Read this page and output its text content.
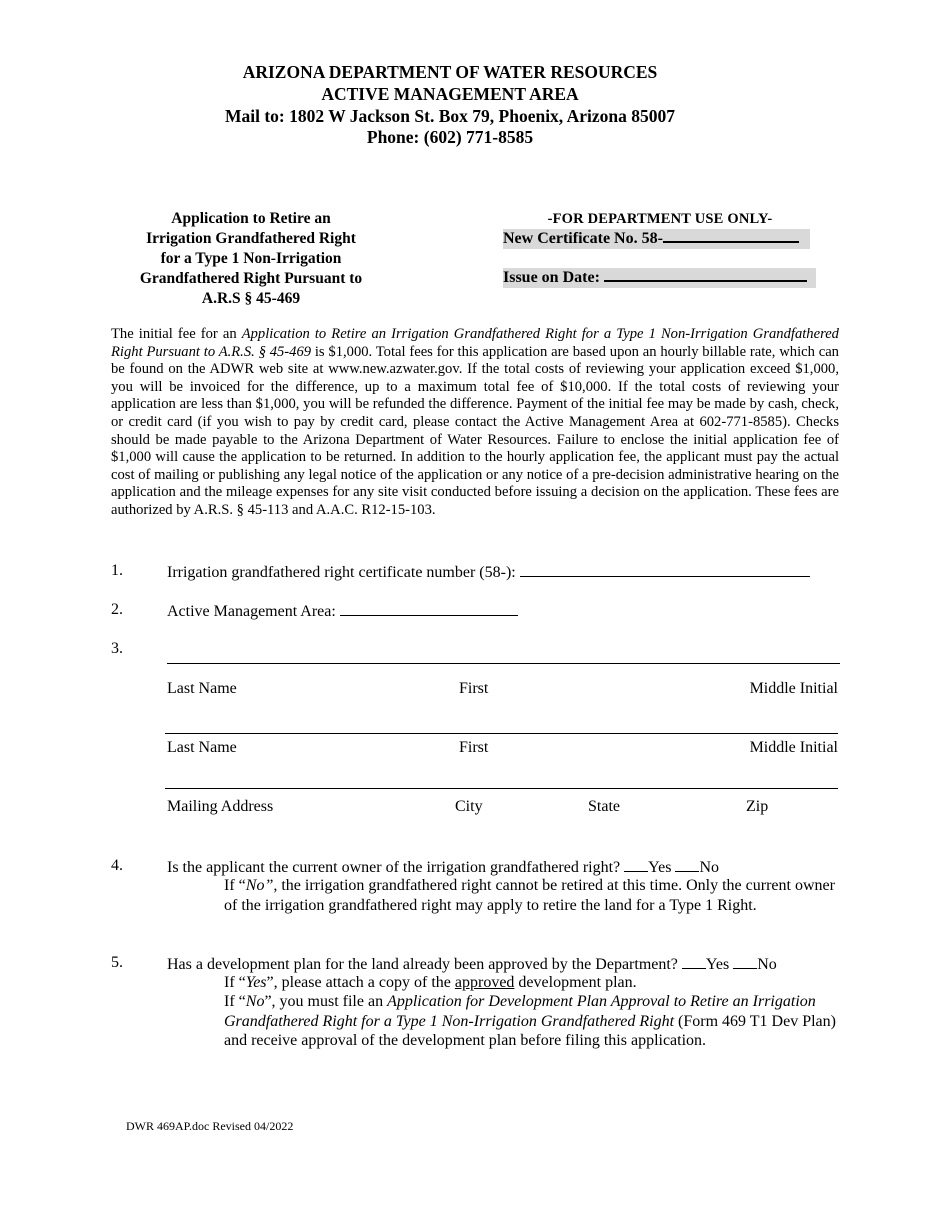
ARIZONA DEPARTMENT OF WATER RESOURCES
ACTIVE MANAGEMENT AREA
Mail to: 1802 W Jackson St. Box 79, Phoenix, Arizona 85007
Phone: (602) 771-8585
Application to Retire an
Irrigation Grandfathered Right
for a Type 1 Non-Irrigation
Grandfathered Right Pursuant to
A.R.S § 45-469
-FOR DEPARTMENT USE ONLY-
New Certificate No. 58-
Issue on Date:

The initial fee for an Application to Retire an Irrigation Grandfathered Right for a Type 1 Non-Irrigation Grandfathered Right Pursuant to A.R.S. § 45-469 is $1,000. Total fees for this application are based upon an hourly billable rate, which can be found on the ADWR web site at www.new.azwater.gov. If the total costs of reviewing your application exceed $1,000, you will be invoiced for the difference, up to a maximum total fee of $10,000. If the total costs of reviewing your application are less than $1,000, you will be refunded the difference. Payment of the initial fee may be made by cash, check, or credit card (if you wish to pay by credit card, please contact the Active Management Area at 602-771-8585). Checks should be made payable to the Arizona Department of Water Resources. Failure to enclose the initial application fee of $1,000 will cause the application to be returned. In addition to the hourly application fee, the applicant must pay the actual cost of mailing or publishing any legal notice of the application or any notice of a pre-decision administrative hearing on the application and the mileage expenses for any site visit conducted before issuing a decision on the application. These fees are authorized by A.R.S. § 45-113 and A.A.C. R12-15-103.

1.	Irrigation grandfathered right certificate number (58-):
2.	Active Management Area:
3.
Last Name	First	Middle Initial
Last Name	First	Middle Initial
Mailing Address	City	State	Zip
4.	Is the applicant the current owner of the irrigation grandfathered right? Yes No
If “No”, the irrigation grandfathered right cannot be retired at this time. Only the current owner of the irrigation grandfathered right may apply to retire the land for a Type 1 Right.
5.	Has a development plan for the land already been approved by the Department? Yes No
If “Yes”, please attach a copy of the approved development plan.
If “No”, you must file an Application for Development Plan Approval to Retire an Irrigation Grandfathered Right for a Type 1 Non-Irrigation Grandfathered Right (Form 469 T1 Dev Plan) and receive approval of the development plan before filing this application.
DWR 469AP.doc Revised 04/2022
